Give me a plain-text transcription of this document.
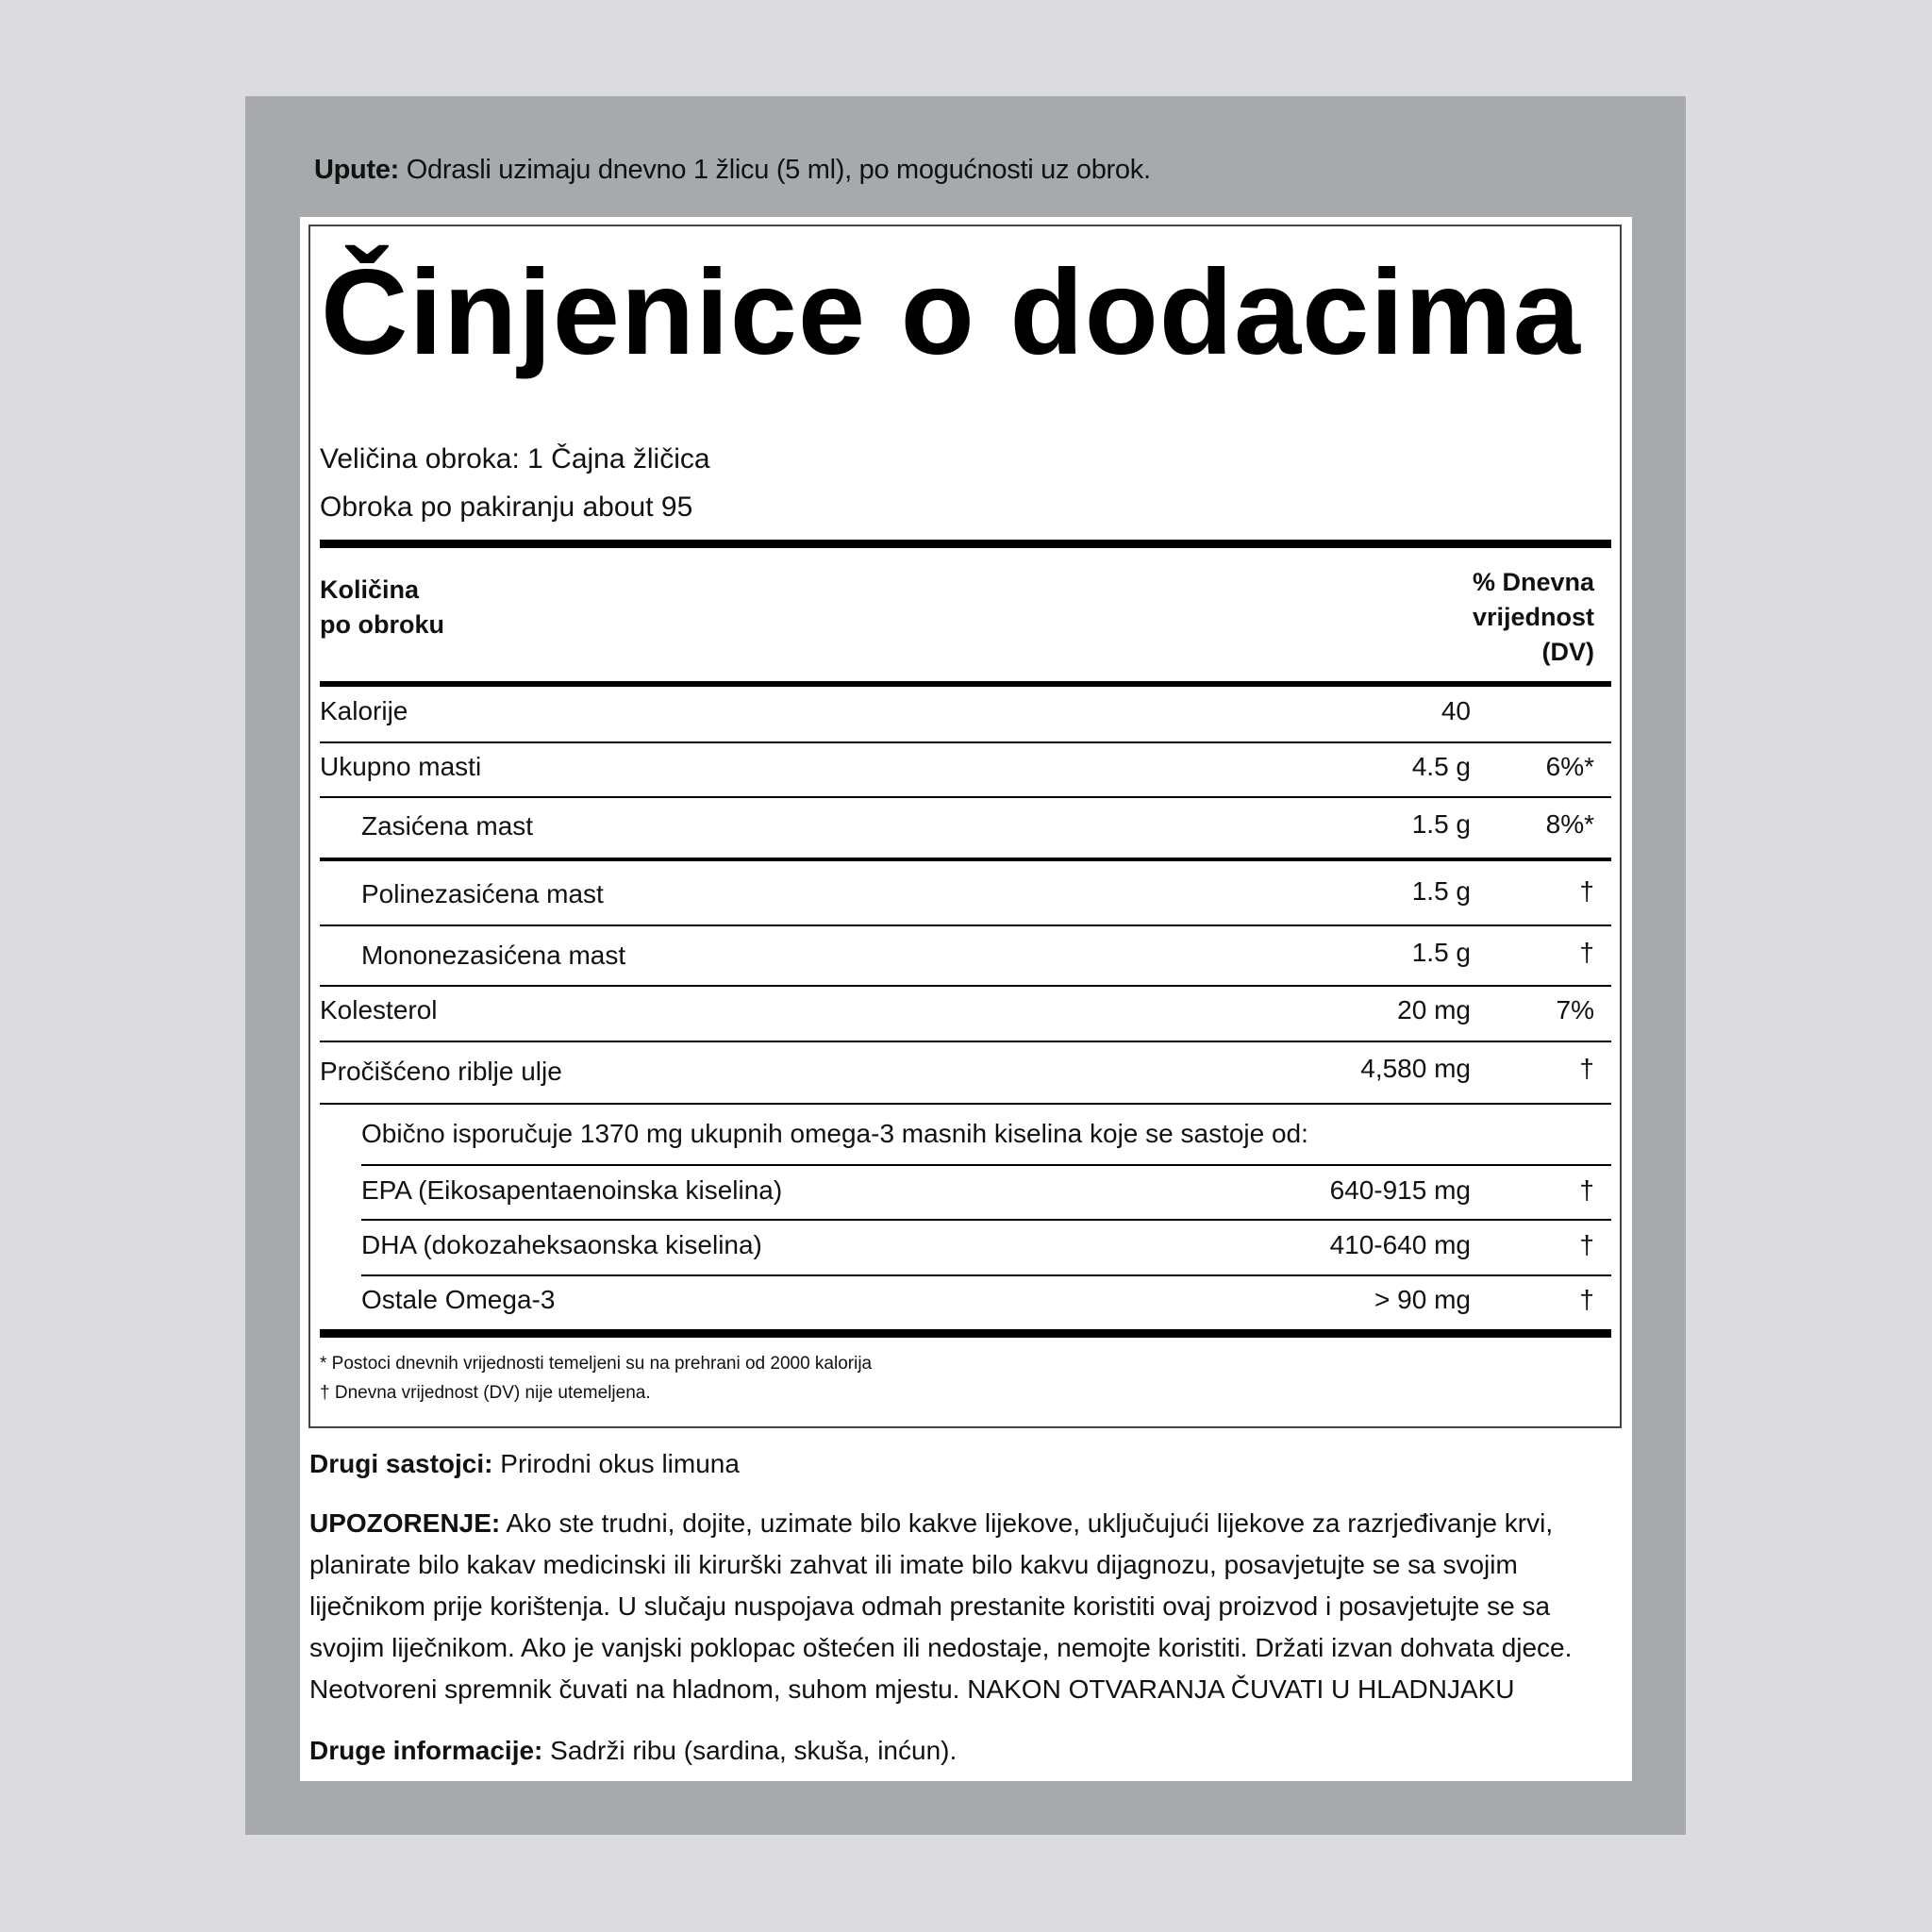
Upute: Odrasli uzimaju dnevno 1 žlicu (5 ml), po mogućnosti uz obrok.
Činjenice o dodacima
Veličina obroka: 1 Čajna žličica
Obroka po pakiranju about 95
Količina
po obroku
% Dnevna
vrijednost
(DV)
Kalorije	40
Ukupno masti	4.5 g	6%*
Zasićena mast	1.5 g	8%*
Polinezasićena mast	1.5 g	†
Mononezasićena mast	1.5 g	†
Kolesterol	20 mg	7%
Pročišćeno riblje ulje	4,580 mg	†
Obično isporučuje 1370 mg ukupnih omega-3 masnih kiselina koje se sastoje od:
EPA (Eikosapentaenoinska kiselina)	640-915 mg	†
DHA (dokozaheksaonska kiselina)	410-640 mg	†
Ostale Omega-3	> 90 mg	†
* Postoci dnevnih vrijednosti temeljeni su na prehrani od 2000 kalorija
† Dnevna vrijednost (DV) nije utemeljena.
Drugi sastojci: Prirodni okus limuna
UPOZORENJE: Ako ste trudni, dojite, uzimate bilo kakve lijekove, uključujući lijekove za razrjeđivanje krvi, planirate bilo kakav medicinski ili kirurški zahvat ili imate bilo kakvu dijagnozu, posavjetujte se sa svojim liječnikom prije korištenja. U slučaju nuspojava odmah prestanite koristiti ovaj proizvod i posavjetujte se sa svojim liječnikom. Ako je vanjski poklopac oštećen ili nedostaje, nemojte koristiti. Držati izvan dohvata djece. Neotvoreni spremnik čuvati na hladnom, suhom mjestu. NAKON OTVARANJA ČUVATI U HLADNJAKU
Druge informacije: Sadrži ribu (sardina, skuša, inćun).
